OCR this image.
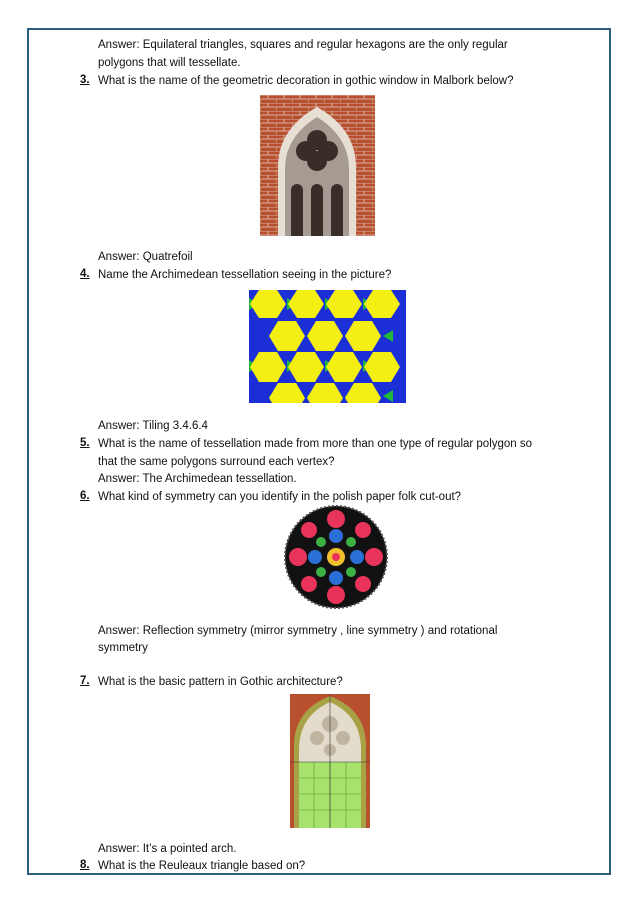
Answer: Equilateral triangles, squares and regular hexagons are the only regular
polygons that will tessellate.
3. What is the name of the geometric decoration in gothic window in Malbork below?
Answer: Quatrefoil
4. Name the Archimedean tessellation seeing in the picture?
Answer: Tiling 3.4.6.4
5. What is the name of tessellation made from more than one type of regular polygon so
that the same polygons surround each vertex?
Answer: The Archimedean tessellation.
6. What kind of symmetry can you identify in the polish paper folk cut-out?
Answer: Reflection symmetry (mirror symmetry , line symmetry ) and rotational
symmetry
7. What is the basic pattern in Gothic architecture?
Answer: It’s a pointed arch.
8. What is the Reuleaux triangle based on?
